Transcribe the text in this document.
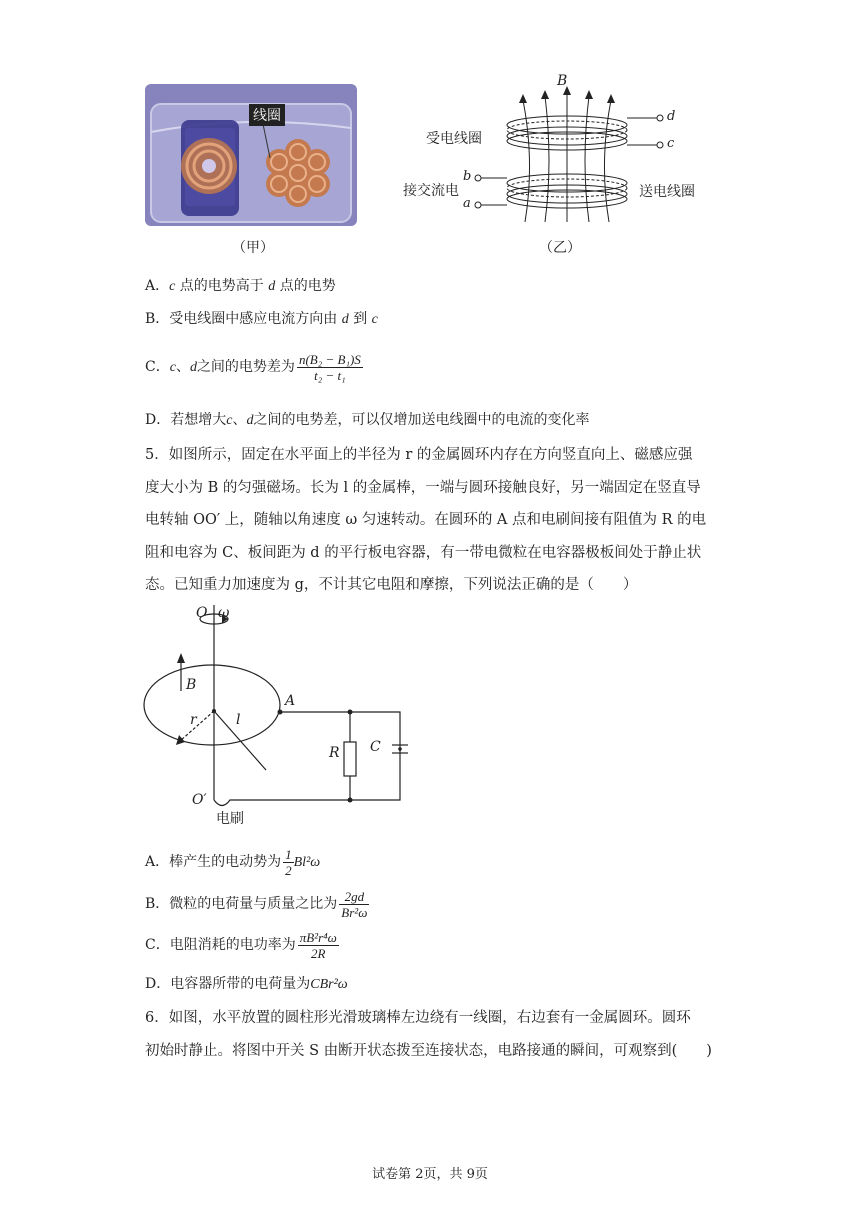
线圈
（甲）
B
受电线圈
接交流电	送电线圈
d
c
b
a
（乙）
A．c 点的电势高于 d 点的电势
B．受电线圈中感应电流方向由 d 到 c
C．c、d之间的电势差为 $\frac{\text{n(B₂ − B₁)S}}{\text{t₂ − t₁}}$
D．若想增大c、d之间的电势差，可以仅增加送电线圈中的电流的变化率
5．如图所示，固定在水平面上的半径为 r 的金属圆环内存在方向竖直向上、磁感应强
度大小为 B 的匀强磁场。长为 l 的金属棒，一端与圆环接触良好，另一端固定在竖直导
电转轴 OO′ 上，随轴以角速度 ω 匀速转动。在圆环的 A 点和电刷间接有阻值为 R 的电
阻和电容为 C、板间距为 d 的平行板电容器，有一带电微粒在电容器极板间处于静止状
态。已知重力加速度为 g，不计其它电阻和摩擦，下列说法正确的是（　　）
O ω
B
r	l
A
R C
O′
电刷
A．棒产生的电动势为 $\frac{1}{2} Bl^2\omega$
B．微粒的电荷量与质量之比为 $\frac{2gd}{\text{Br²ω}}$
C．电阻消耗的电功率为 $\frac{\text{πB²r⁴ω}}{2R}$
D．电容器所带的电荷量为CBr²ω
6．如图，水平放置的圆柱形光滑玻璃棒左边绕有一线圈，右边套有一金属圆环。圆环
初始时静止。将图中开关 S 由断开状态拨至连接状态，电路接通的瞬间，可观察到(　　)
试卷第 2页，共 9页
